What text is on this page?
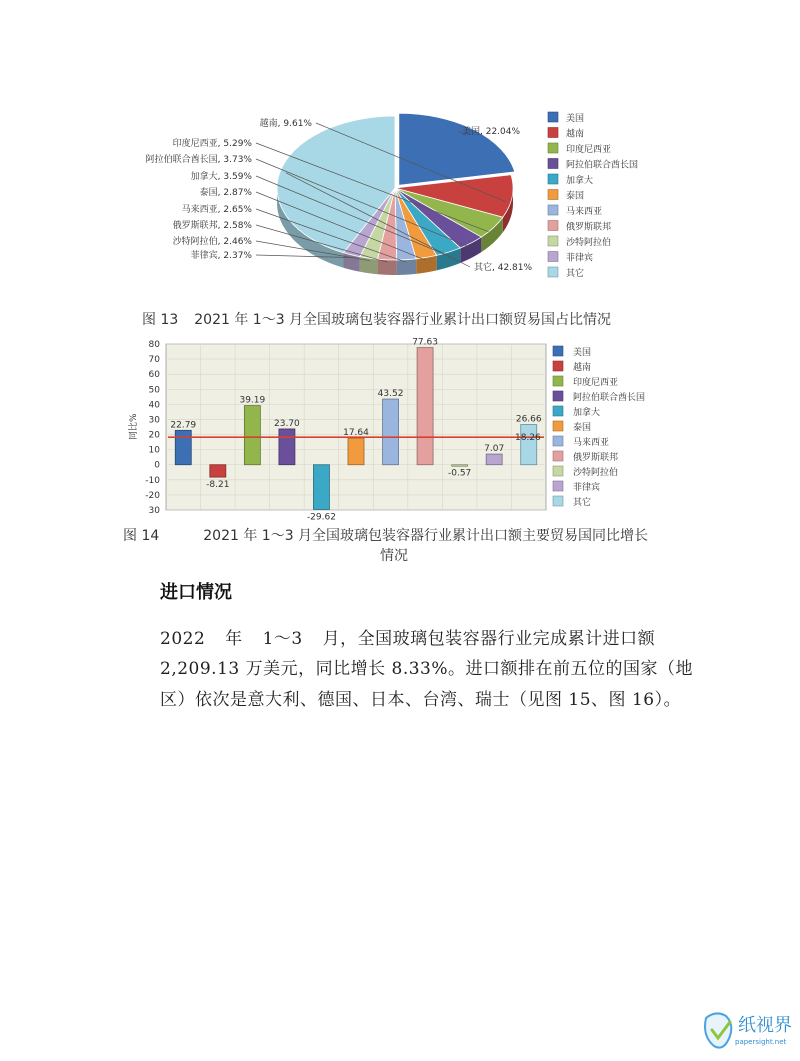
美国, 22.04%
越南, 9.61%
印度尼西亚, 5.29%
阿拉伯联合酋长国, 3.73%
加拿大, 3.59%
泰国, 2.87%
马来西亚, 2.65%
俄罗斯联邦, 2.58%
沙特阿拉伯, 2.46%
菲律宾, 2.37%
其它, 42.81%
美国
越南
印度尼西亚
阿拉伯联合酋长国
加拿大
泰国
马来西亚
俄罗斯联邦
沙特阿拉伯
菲律宾
其它
图 13 2021 年 1～3 月全国玻璃包装容器行业累计出口额贸易国占比情况
80
70
60
50
40
30
20
10
0
-10
-20
30
22.79
-8.21
39.19
23.70
-29.62
17.64
43.52
77.63
-0.57
7.07
26.66
18.26
美国
越南
印度尼西亚
阿拉伯联合酋长国
加拿大
泰国
马来西亚
俄罗斯联邦
沙特阿拉伯
菲律宾
其它
同比%
图 14	2021 年 1～3 月全国玻璃包装容器行业累计出口额主要贸易国同比增长
情况
进口情况
2022 年 1～3 月，全国玻璃包装容器行业完成累计进口额
2,209.13 万美元，同比增长 8.33%。进口额排在前五位的国家（地
区）依次是意大利、德国、日本、台湾、瑞士（见图 15、图 16）。
纸视界
papersight.net
